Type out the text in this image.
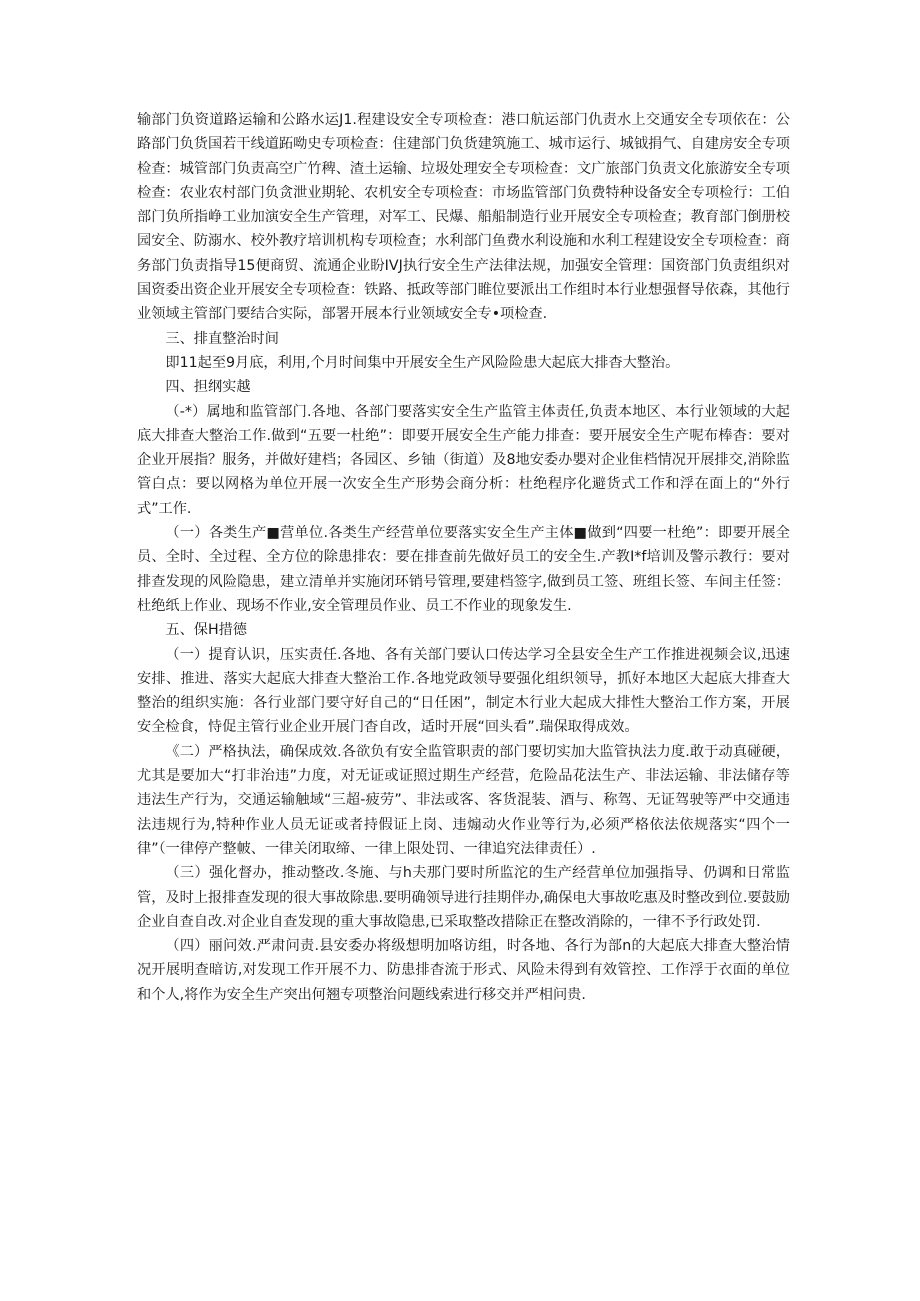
输部门负资道路运输和公路水运J1.程建设安全专项检查：港口航运部门仇责水上交通安全专项依在：公路部门负货国若干线道跖呦史专项检查：住建部门负货建筑施工、城市运行、城钺捐气、自建房安全专项检查：城管部门负责高空广竹稗、渣土运输、垃圾处理安全专项检查：文广旅部门负责文化旅游安全专项检查：农业农村部门负贪泄业期轮、农机安全专项检查：市场监管部门负费特种设备安全专项检行：工伯部门负所指峥工业加演安全生产管理，对军工、民爆、船船制造行业开展安全专项检查；教育部门倒册校园安全、防溺水、校外教疗培训机构专项检查；水利部门鱼费水利设施和水利工程建设安全专项检查：商务部门负责指导15便商贸、流通企业盼IVJ执行安全生产法律法规，加强安全管理：国资部门负责组织对国资委出资企业开展安全专项检查：铁路、抵政等部门睢位要派出工作组时本行业想强督导依森，其他行业领域主管部门要结合实际，部署开展本行业领域安全专•项检查.

三、排直整治时间

即11起至9月底，利用,个月时间集中开展安全生产风险险患大起底大排杳大整治。

四、担纲实越

（-*）属地和监管部门.各地、各部门要落实安全生产监管主体责任,负责本地区、本行业领域的大起底大排查大整治工作.做到“五要一杜绝”：即要开展安全生产能力排查：要开展安全生产呢布棒杳：要对企业开展指？服务，并做好建档；各园区、乡铀（街道）及8地安委办嬰对企业隹档情况开展排交,消除监管白点：要以网格为单位开展一次安全生产形势会商分析：杜绝程序化避货式工作和浮在面上的“外行式”工作.

（一）各类生产■营单位.各类生产经营单位要落实安全生产主体■做到“四要一杜绝”：即要开展全员、全时、全过程、全方位的除患排农：要在排查前先做好员工的安全生.产教I*f培训及警示教行：要对排查发现的风险隐患，建立清单并实施闭环销号管理,要建档签字,做到员工签、班组长签、车间主任签：杜绝纸上作业、现场不作业,安全管理员作业、员工不作业的现象发生.

五、保H措德

（一）提育认识，压实责任.各地、各有关部门要认口传达学习全县安全生产工作推进视频会议,迅速安排、推进、落实大起底大排查大整治工作.各地党政领导要强化组织领导，抓好本地区大起底大排查大整治的组织实施：各行业部门要守好自己的“日任困”，制定木行业大起成大排性大整治工作方案，开展安全检食，恃促主管行业企业开展门杳自改，适时开展“回头看”.瑞保取得成效。

《二）严格执法，确保成效.各欲负有安全监管职责的部门要切实加大监管执法力度.敢于动真碰硬，尤其是要加大“打非治违”力度，对无证或证照过期生产经营，危险品花法生产、非法运输、非法储存等违法生产行为，交通运输触域“三超-疲劳”、非法或客、客货混装、酒与、称驾、无证驾驶等严中交通违法违规行为,特种作业人员无证或者持假证上岗、违煽动火作业等行为,必须严格依法依规落实“四个一律”（一律停产整帔、一律关闭取缔、一律上限处罚、一律追究法律责任）.

（三）强化督办，推动整改.冬施、与h夫那门要时所监沱的生产经营单位加强指导、仍调和日常监管，及时上报排查发现的很大事故除患.要明确领导进行挂期伴办,确保电大事故吃惠及时整改到位.要鼓励企业自查自改.对企业自查发现的重大事故隐患,已采取整改措除正在整改消除的，一律不予行政处罚.

（四）丽问效.严肃问责.县安委办将级想明加咯访组，时各地、各行为部n的大起底大排查大整治情况开展明查暗访,对发现工作开展不力、防患排杳流于形式、风险未得到有效管控、工作浮于衣面的单位和个人,将作为安全生产突出何翘专项整治问题线索进行移交并严相问贵.
